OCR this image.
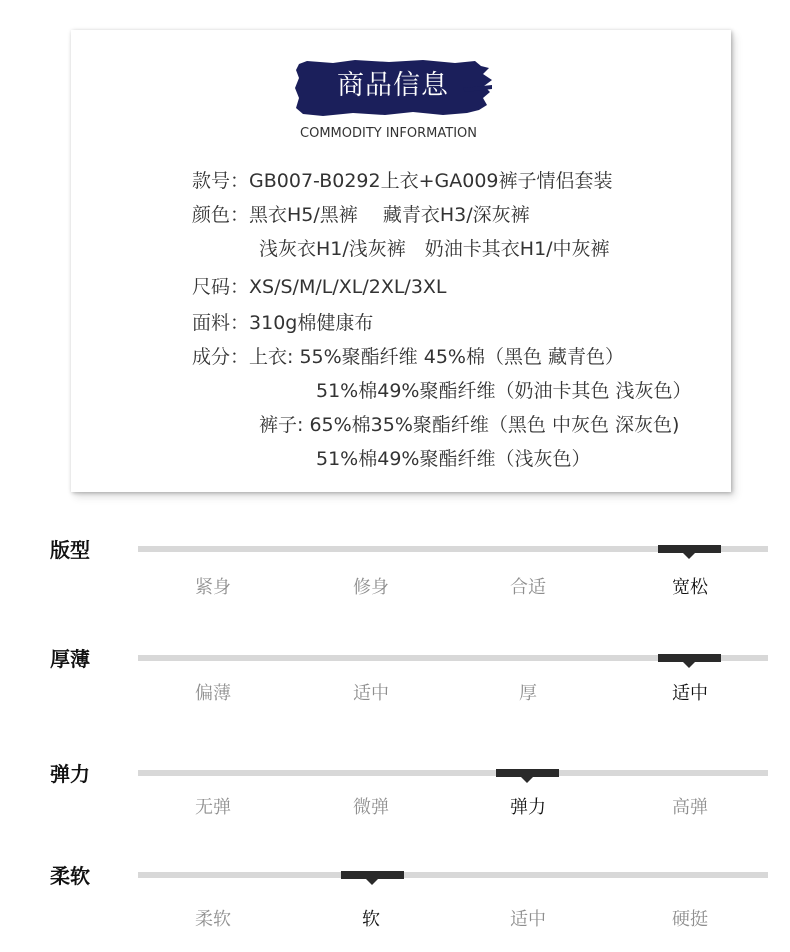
商品信息
COMMODITY INFORMATION
款号：GB007-B0292上衣+GA009裤子情侣套装
颜色：黑衣H5/黑裤　 藏青衣H3/深灰裤
浅灰衣H1/浅灰裤　奶油卡其衣H1/中灰裤
尺码：XS/S/M/L/XL/2XL/3XL
面料：310g棉健康布
成分：上衣: 55%聚酯纤维 45%棉（黑色 藏青色）
51%棉49%聚酯纤维（奶油卡其色 浅灰色）
裤子: 65%棉35%聚酯纤维（黑色 中灰色 深灰色)
51%棉49%聚酯纤维（浅灰色）
版型
紧身	修身	合适	宽松
厚薄
偏薄	适中	厚	适中
弹力
无弹	微弹	弹力	高弹
柔软
柔软	软	适中	硬挺
